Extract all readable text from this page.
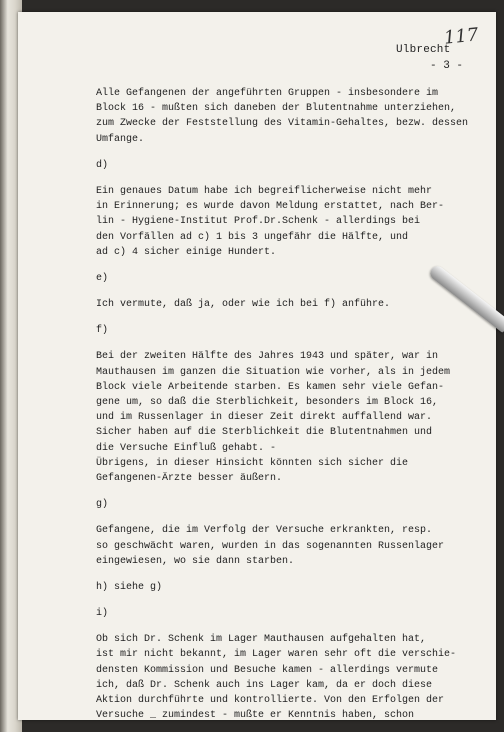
117
Ulbrecht
- 3 -
Alle Gefangenen der angeführten Gruppen - insbesondere im
Block 16 - mußten sich daneben der Blutentnahme unterziehen,
zum Zwecke der Feststellung des Vitamin-Gehaltes, bezw. dessen
Umfange.
d)
Ein genaues Datum habe ich begreiflicherweise nicht mehr
in Erinnerung; es wurde davon Meldung erstattet, nach Ber-
lin - Hygiene-Institut Prof.Dr.Schenk - allerdings bei
den Vorfällen ad c) 1 bis 3 ungefähr die Hälfte, und
ad c) 4 sicher einige Hundert.
e)
Ich vermute, daß ja, oder wie ich bei f) anführe.
f)
Bei der zweiten Hälfte des Jahres 1943 und später, war in
Mauthausen im ganzen die Situation wie vorher, als in jedem
Block viele Arbeitende starben. Es kamen sehr viele Gefan-
gene um, so daß die Sterblichkeit, besonders im Block 16,
und im Russenlager in dieser Zeit direkt auffallend war.
Sicher haben auf die Sterblichkeit die Blutentnahmen und
die Versuche Einfluß gehabt. -
Übrigens, in dieser Hinsicht könnten sich sicher die
Gefangenen-Ärzte besser äußern.
g)
Gefangene, die im Verfolg der Versuche erkrankten, resp.
so geschwächt waren, wurden in das sogenannten Russenlager
eingewiesen, wo sie dann starben.
h) siehe g)
i)
Ob sich Dr. Schenk im Lager Mauthausen aufgehalten hat,
ist mir nicht bekannt, im Lager waren sehr oft die verschie-
densten Kommission und Besuche kamen - allerdings vermute
ich, daß Dr. Schenk auch ins Lager kam, da er doch diese
Aktion durchführte und kontrollierte. Von den Erfolgen der
Versuche _ zumindest - mußte er Kenntnis haben, schon
